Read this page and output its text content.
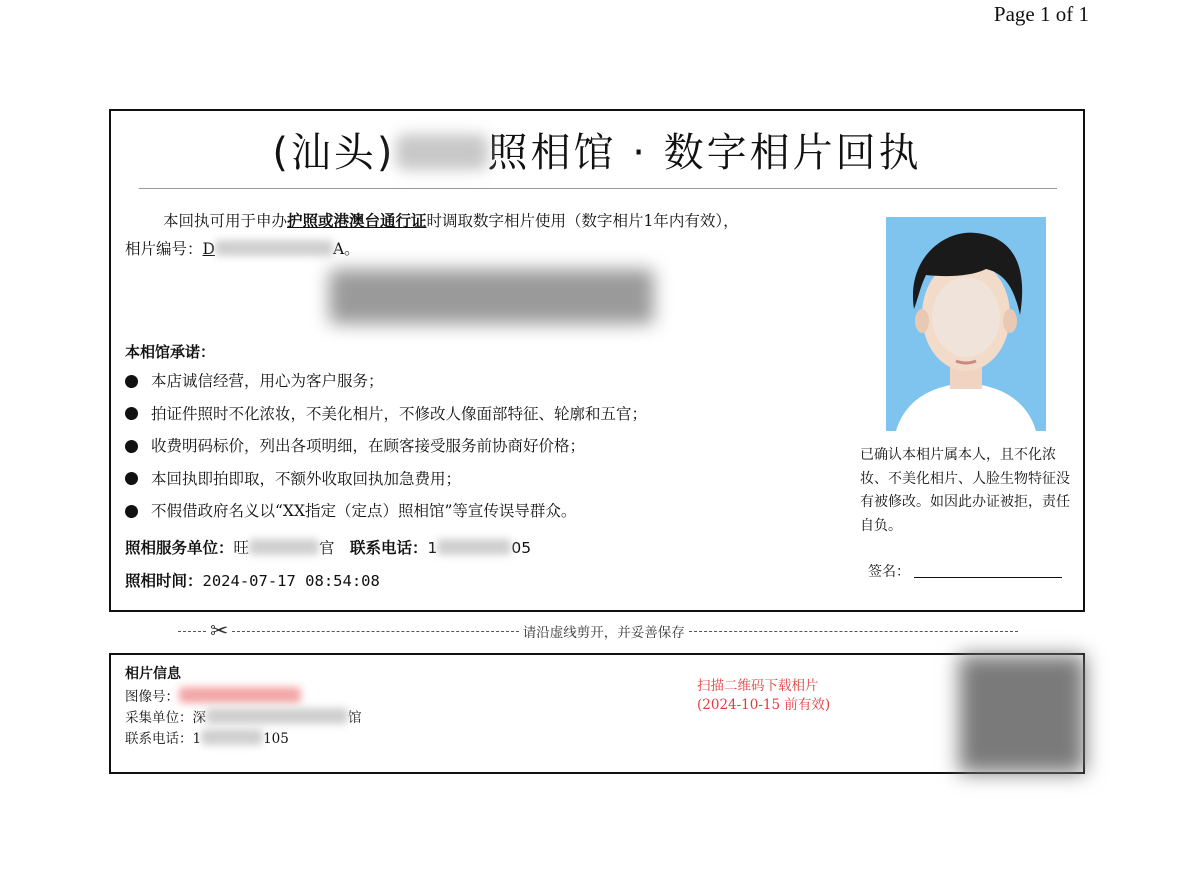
Page 1 of 1
(汕头) 照相馆 · 数字相片回执
本回执可用于申办护照或港澳台通行证时调取数字相片使用（数字相片1年内有效），
相片编号：D	A。
本相馆承诺：
本店诚信经营，用心为客户服务；
拍证件照时不化浓妆，不美化相片，不修改人像面部特征、轮廓和五官；
收费明码标价，列出各项明细，在顾客接受服务前协商好价格；
本回执即拍即取，不额外收取回执加急费用；
不假借政府名义以“XX指定（定点）照相馆”等宣传误导群众。
照相服务单位：旺	官 联系电话：1	05
照相时间：2024-07-17 08:54:08
已确认本相片属本人，且不化浓妆、不美化相片、人脸生物特征没有被修改。如因此办证被拒，责任自负。
签名：
✂	请沿虚线剪开，并妥善保存
相片信息
图像号：
采集单位：深	馆
联系电话：1	105
扫描二维码下载相片
(2024-10-15 前有效)
